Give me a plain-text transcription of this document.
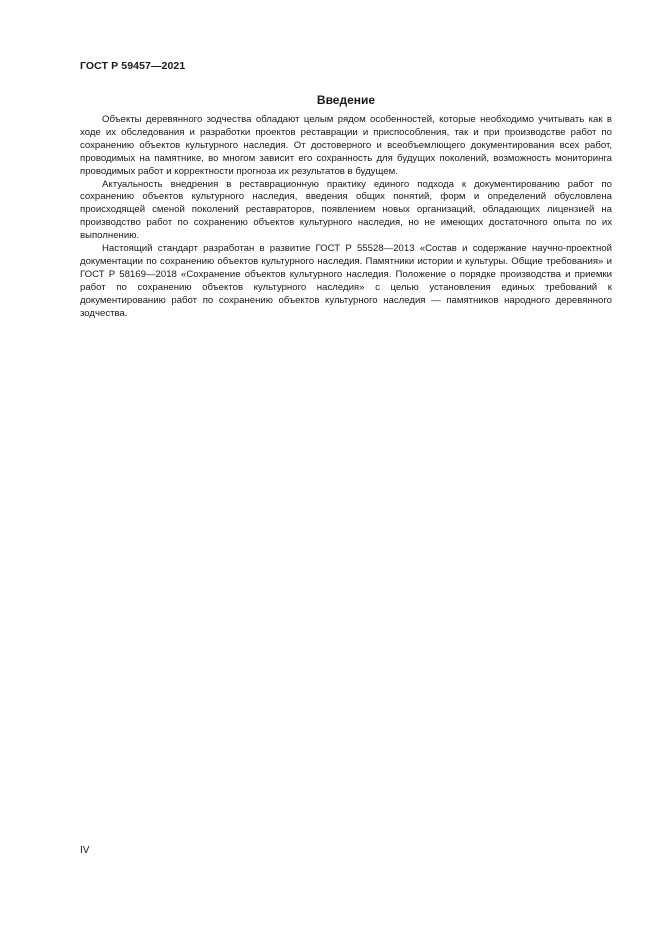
ГОСТ Р 59457—2021
Введение

Объекты деревянного зодчества обладают целым рядом особенностей, которые необходимо учитывать как в ходе их обследования и разработки проектов реставрации и приспособления, так и при производстве работ по сохранению объектов культурного наследия. От достоверного и всеобъемлющего документирования всех работ, проводимых на памятнике, во многом зависит его сохранность для будущих поколений, возможность мониторинга проводимых работ и корректности прогноза их результатов в будущем.

Актуальность внедрения в реставрационную практику единого подхода к документированию работ по сохранению объектов культурного наследия, введения общих понятий, форм и определений обусловлена происходящей сменой поколений реставраторов, появлением новых организаций, обладающих лицензией на производство работ по сохранению объектов культурного наследия, но не имеющих достаточного опыта по их выполнению.

Настоящий стандарт разработан в развитие ГОСТ Р 55528—2013 «Состав и содержание научно-проектной документации по сохранению объектов культурного наследия. Памятники истории и культуры. Общие требования» и ГОСТ Р 58169—2018 «Сохранение объектов культурного наследия. Положение о порядке производства и приемки работ по сохранению объектов культурного наследия» с целью установления единых требований к документированию работ по сохранению объектов культурного наследия — памятников народного деревянного зодчества.

IV
